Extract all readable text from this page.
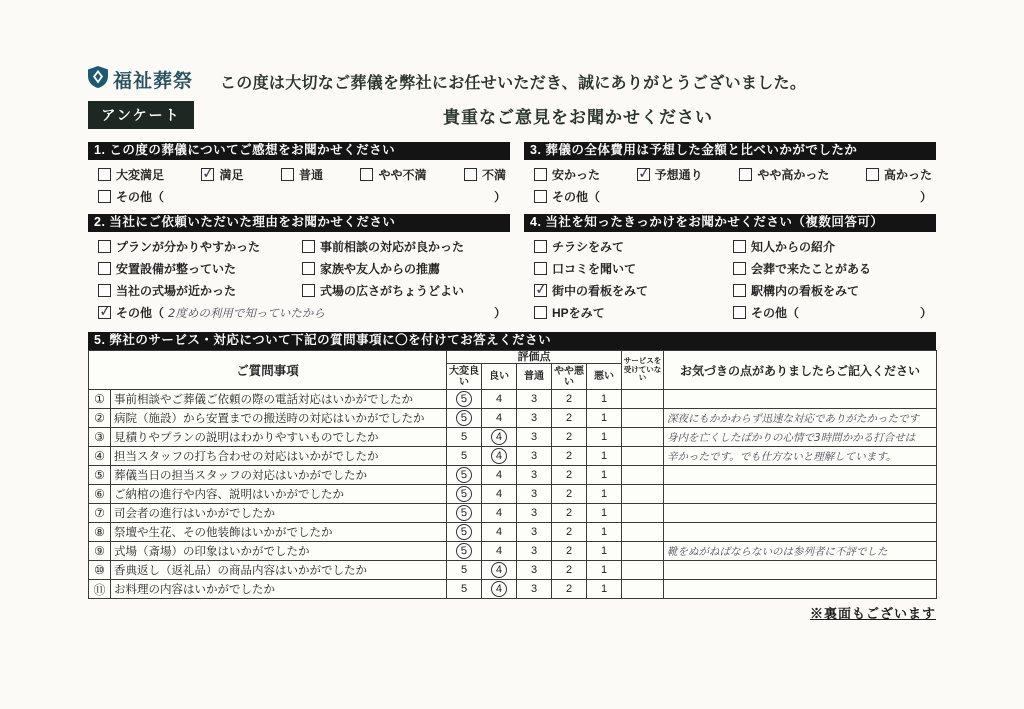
福祉葬祭
アンケート
この度は大切なご葬儀を弊社にお任せいただき、誠にありがとうございました。
貴重なご意見をお聞かせください
1. この度の葬儀についてご感想をお聞かせください
大変満足 ✓	満足	普通	やや不満	不満
その他（	）
2. 当社にご依頼いただいた理由をお聞かせください
プランが分かりやすかった	事前相談の対応が良かった
安置設備が整っていた	家族や友人からの推薦
当社の式場が近かった	式場の広さがちょうどよい
✓
その他（ 2度めの利用で知っていたから	）
3. 葬儀の全体費用は予想した金額と比べいかがでしたか
安かった ✓	予想通り	やや高かった	高かった
その他（	）
4. 当社を知ったきっかけをお聞かせください（複数回答可）
チラシをみて	知人からの紹介
口コミを聞いて	会葬で来たことがある
✓
街中の看板をみて	駅構内の看板をみて
HPをみて	その他（	）
5. 弊社のサービス・対応について下記の質問事項に〇を付けてお答えください
ご質問事項		評価点					サービスを受けていない	お気づきの点がありましたらご記入ください
		大変良い	良い	普通	やや悪い	悪い		
①	事前相談やご葬儀ご依頼の際の電話対応はいかがでしたか	5	4	3	2	1		
②	病院（施設）から安置までの搬送時の対応はいかがでしたか	5	4	3	2	1		深夜にもかかわらず迅速な対応でありがたかったです
③	見積りやプランの説明はわかりやすいものでしたか	5	4	3	2	1		身内を亡くしたばかりの心情で3時間かかる打合せは
④	担当スタッフの打ち合わせの対応はいかがでしたか	5	4	3	2	1		辛かったです。でも仕方ないと理解しています。
⑤	葬儀当日の担当スタッフの対応はいかがでしたか	5	4	3	2	1		
⑥	ご納棺の進行や内容、説明はいかがでしたか	5	4	3	2	1		
⑦	司会者の進行はいかがでしたか	5	4	3	2	1		
⑧	祭壇や生花、その他装飾はいかがでしたか	5	4	3	2	1		
⑨	式場（斎場）の印象はいかがでしたか	5	4	3	2	1		靴をぬがねばならないのは参列者に不評でした
⑩	香典返し（返礼品）の商品内容はいかがでしたか	5	4	3	2	1		
⑪	お料理の内容はいかがでしたか	5	4	3	2	1		
※裏面もございます
